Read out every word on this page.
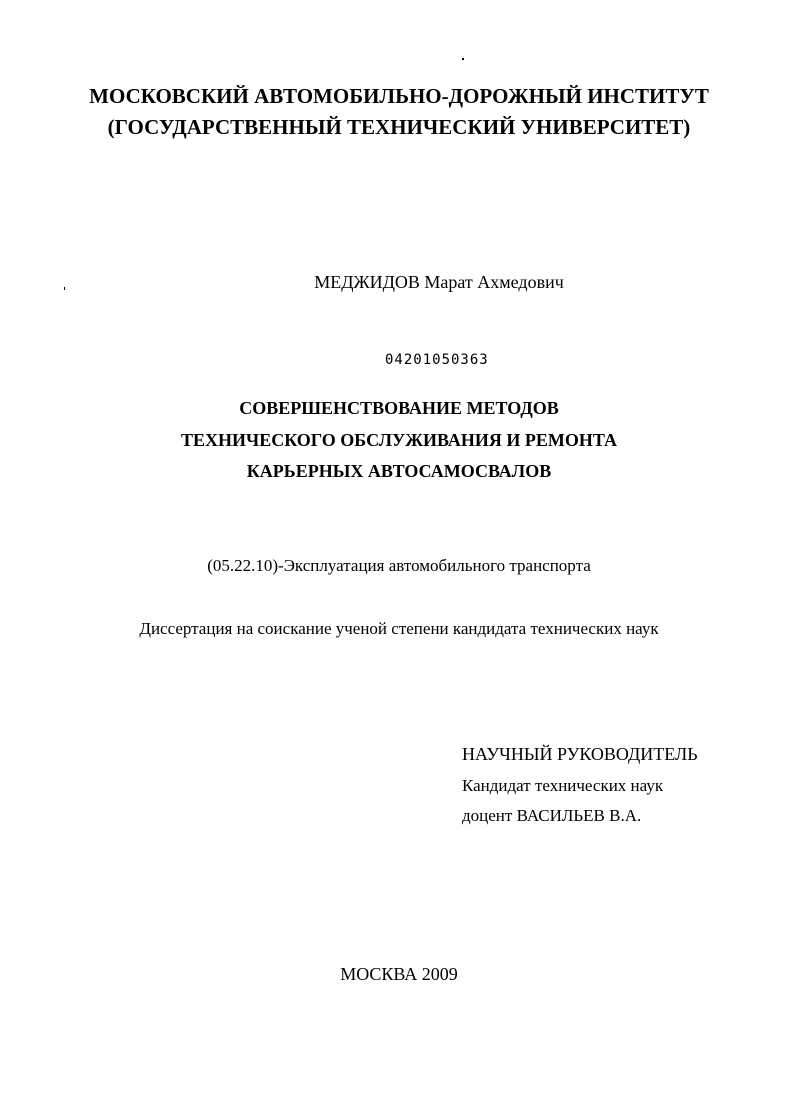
МОСКОВСКИЙ АВТОМОБИЛЬНО-ДОРОЖНЫЙ ИНСТИТУТ
(ГОСУДАРСТВЕННЫЙ ТЕХНИЧЕСКИЙ УНИВЕРСИТЕТ)
МЕДЖИДОВ Марат Ахмедович
04201050363
СОВЕРШЕНСТВОВАНИЕ МЕТОДОВ
ТЕХНИЧЕСКОГО ОБСЛУЖИВАНИЯ И РЕМОНТА
КАРЬЕРНЫХ АВТОСАМОСВАЛОВ
(05.22.10)-Эксплуатация автомобильного транспорта
Диссертация на соискание ученой степени кандидата технических наук
НАУЧНЫЙ РУКОВОДИТЕЛЬ
Кандидат технических наук
доцент ВАСИЛЬЕВ В.А.
МОСКВА 2009
